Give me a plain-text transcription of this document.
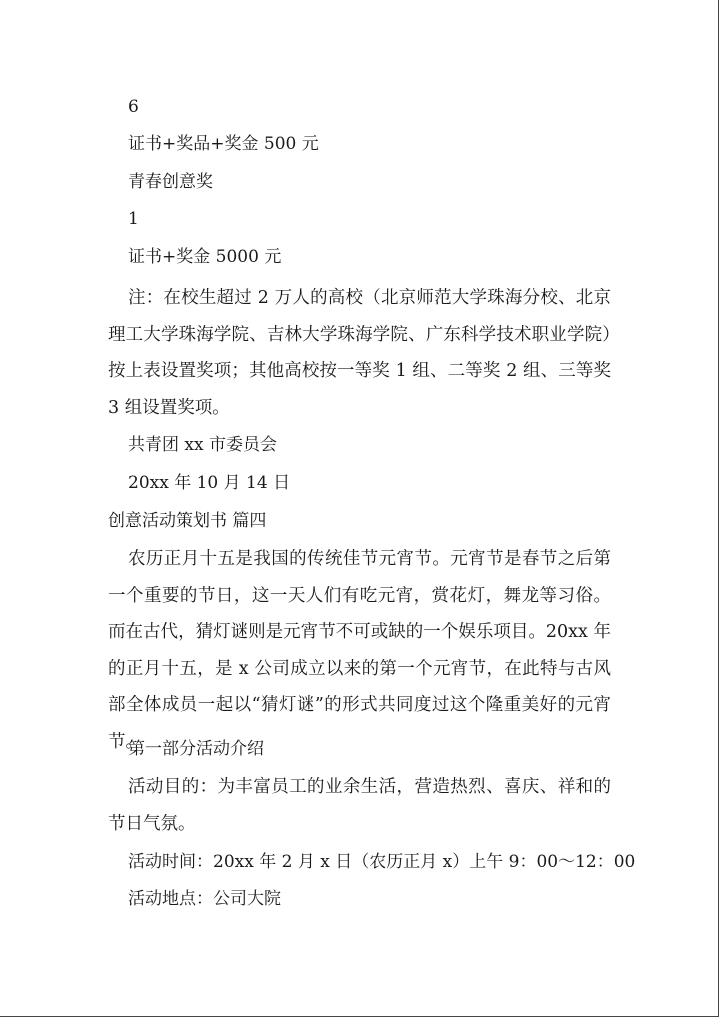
6
证书+奖品+奖金 500 元
青春创意奖
1
证书+奖金 5000 元
注：在校生超过 2 万人的高校（北京师范大学珠海分校、北京理工大学珠海学院、吉林大学珠海学院、广东科学技术职业学院）按上表设置奖项；其他高校按一等奖 1 组、二等奖 2 组、三等奖 3 组设置奖项。
共青团 xx 市委员会
20xx 年 10 月 14 日
创意活动策划书 篇四
农历正月十五是我国的传统佳节元宵节。元宵节是春节之后第一个重要的节日，这一天人们有吃元宵，赏花灯，舞龙等习俗。而在古代，猜灯谜则是元宵节不可或缺的一个娱乐项目。20xx 年的正月十五，是 x 公司成立以来的第一个元宵节，在此特与古风部全体成员一起以“猜灯谜”的形式共同度过这个隆重美好的元宵节。
第一部分活动介绍
活动目的：为丰富员工的业余生活，营造热烈、喜庆、祥和的节日气氛。
活动时间：20xx 年 2 月 x 日（农历正月 x）上午 9：00～12：00
活动地点：公司大院
